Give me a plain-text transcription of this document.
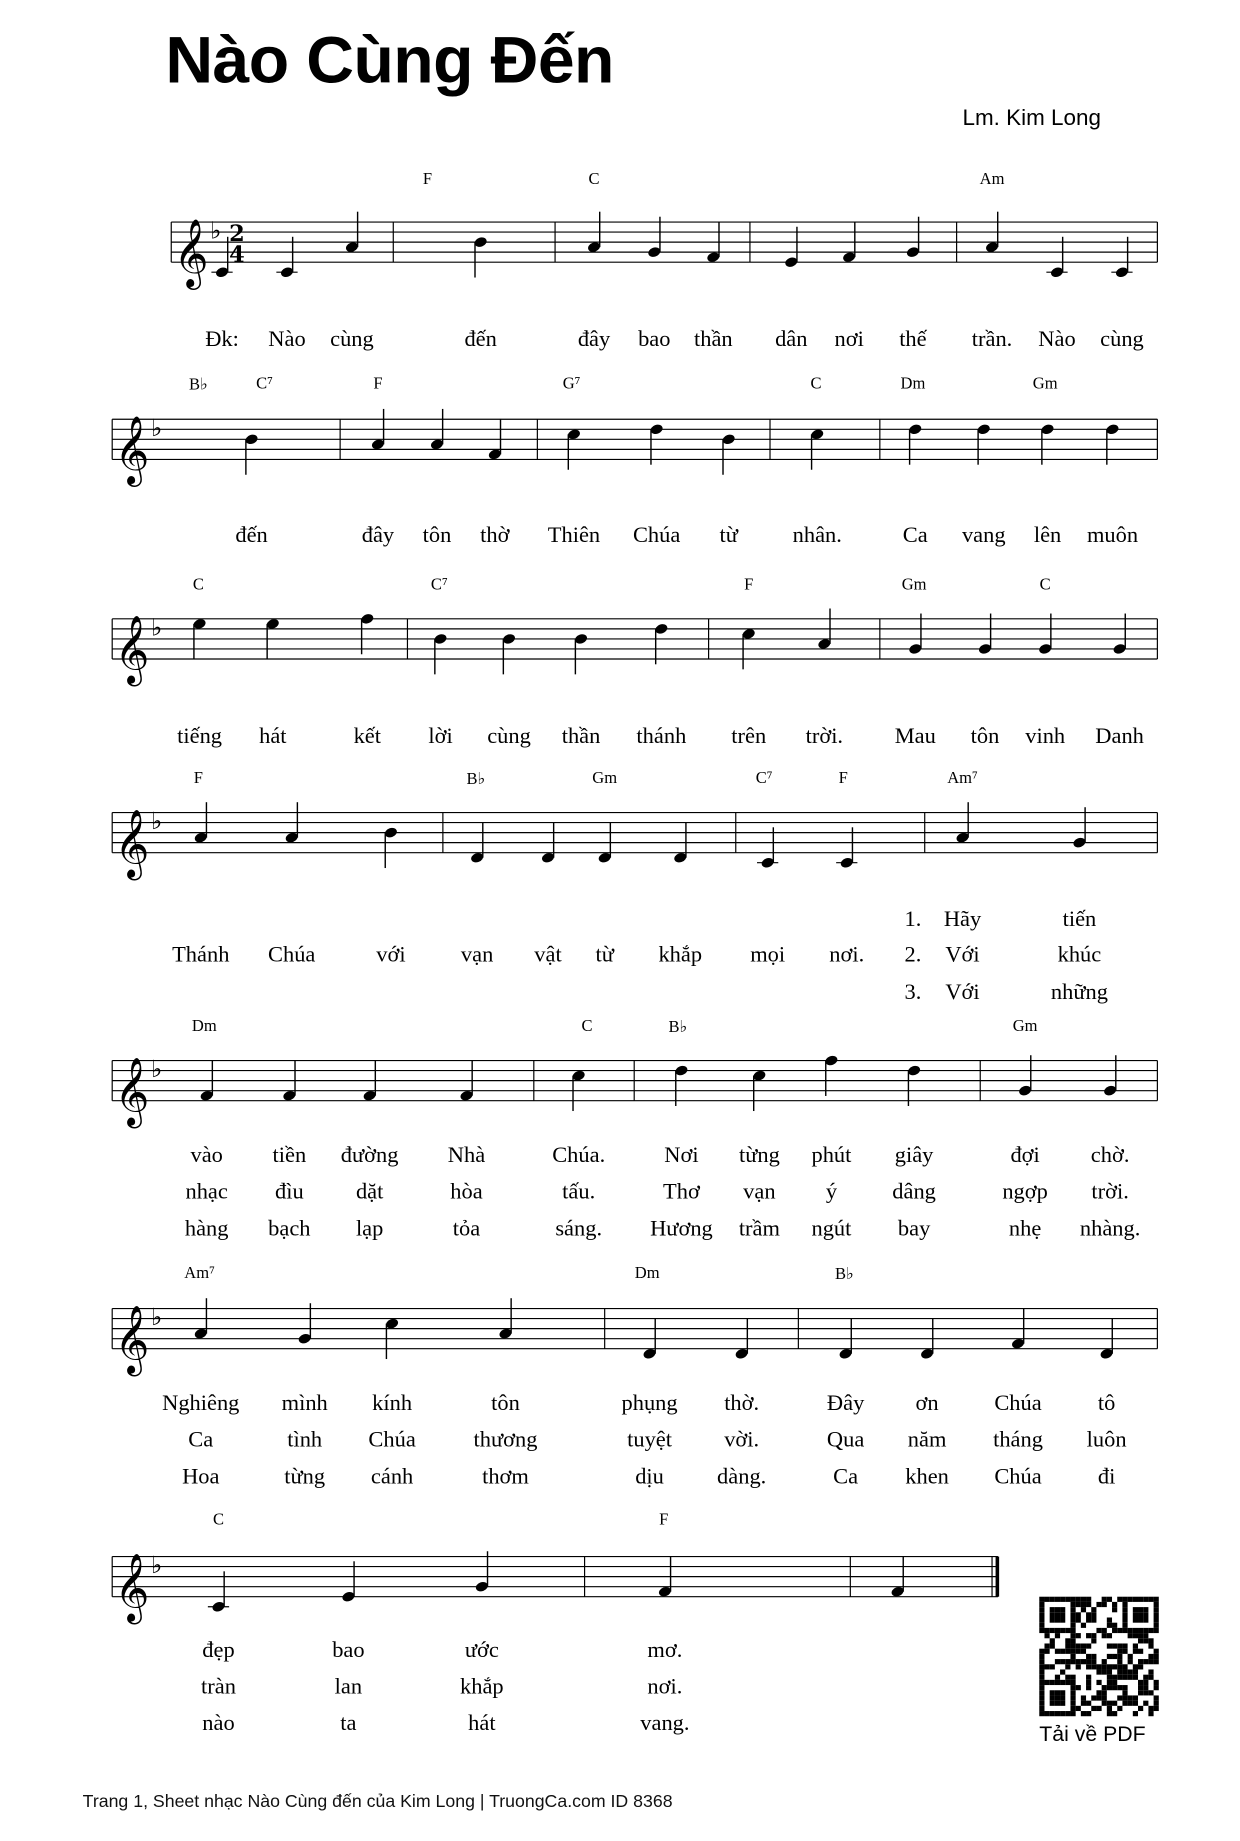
Nào Cùng Đến
Lm. Kim Long
𝄞 ♭ 2
4
𝄞 ♭
𝄞 ♭
𝄞 ♭
𝄞 ♭
𝄞 ♭
𝄞 ♭
F	C	Am
Đk: Nào cùng	đến	đây bao thần dân nơi thế trần. Nào cùng
B♭	C⁷	F	G⁷	C	Dm	Gm
đến	đây tôn thờ Thiên Chúa từ	nhân.	Ca vang lên muôn
C	C⁷	F	Gm	C
tiếng hát	kết lời cùng thần thánh trên trời.	Mau tôn vinh Danh
F	B♭	Gm	C⁷	F	Am⁷
Thánh Chúa	với	vạn vật từ khắp	mọi nơi.
1. Hãy	tiến
2. Với	khúc
3. Với	những
Dm	C	B♭	Gm
vào	tiền đường	Nhà	Chúa.	Nơi từng phút giây	đợi	chờ.
nhạc đìu	dặt	hòa	tấu.	Thơ vạn	ý	dâng	ngợp trời.
hàng bạch lạp	tỏa	sáng.	Hương trầm ngút bay	nhẹ nhàng.
Am⁷	Dm	B♭
Nghiêng mình kính	tôn	phụng thờ.	Đây	ơn	Chúa	tô
Ca	tình Chúa	thương	tuyệt	vời.	Qua năm tháng luôn
Hoa	từng cánh	thơm	dịu	dàng.	Ca khen Chúa	đi
C	F
đẹp	bao	ước	mơ.
tràn	lan	khắp	nơi.
nào	ta	hát	vang.	Tải về PDF
Trang 1, Sheet nhạc Nào Cùng đến của Kim Long | TruongCa.com ID 8368
